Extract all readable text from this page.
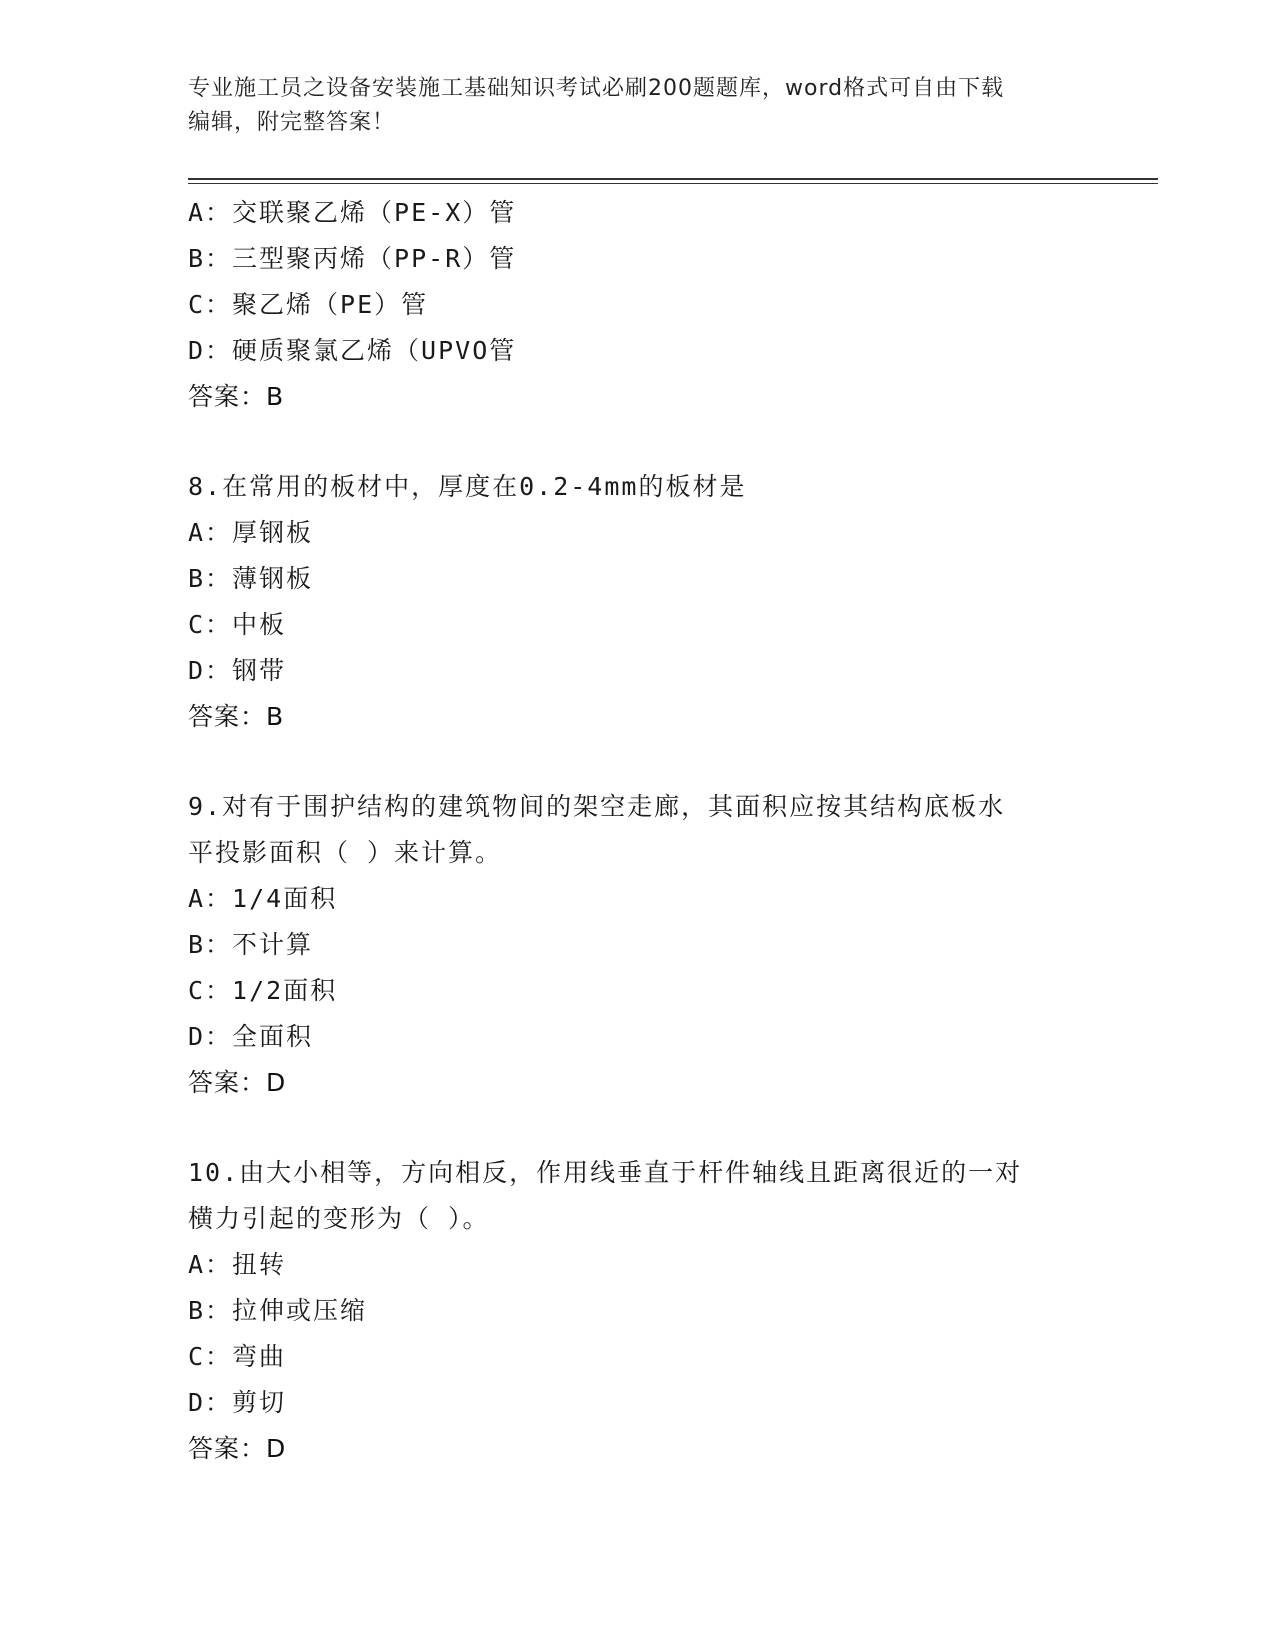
专业施工员之设备安装施工基础知识考试必刷200题题库，word格式可自由下载
编辑，附完整答案！
A：交联聚乙烯（PE-X）管
B：三型聚丙烯（PP-R）管
C：聚乙烯（PE）管
D：硬质聚氯乙烯（UPVO管
答案：B
8.在常用的板材中，厚度在0.2-4mm的板材是
A：厚钢板
B：薄钢板
C：中板
D：钢带
答案：B
9.对有于围护结构的建筑物间的架空走廊，其面积应按其结构底板水
平投影面积（ ）来计算。
A：1/4面积
B：不计算
C：1/2面积
D：全面积
答案：D
10.由大小相等，方向相反，作用线垂直于杆件轴线且距离很近的一对
横力引起的变形为（ ）。
A：扭转
B：拉伸或压缩
C：弯曲
D：剪切
答案：D
